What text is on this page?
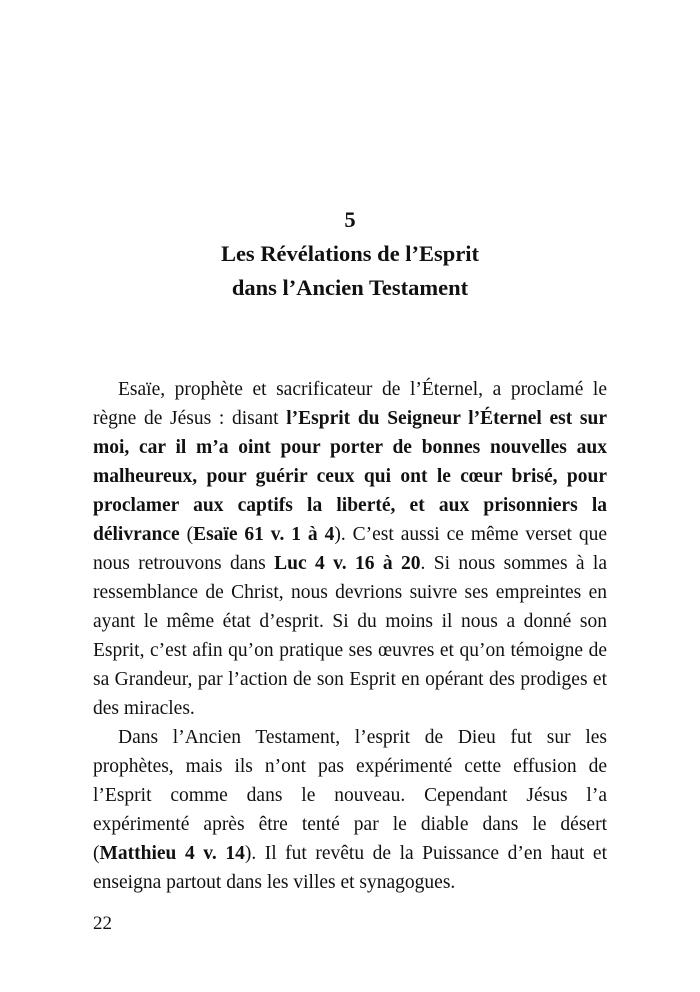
5
Les Révélations de l’Esprit
dans l’Ancien Testament

Esaïe, prophète et sacrificateur de l’Éternel, a proclamé le règne de Jésus : disant l’Esprit du Seigneur l’Éternel est sur moi, car il m’a oint pour porter de bonnes nouvelles aux malheureux, pour guérir ceux qui ont le cœur brisé, pour proclamer aux captifs la liberté, et aux prisonniers la délivrance (Esaïe 61 v. 1 à 4). C’est aussi ce même verset que nous retrouvons dans Luc 4 v. 16 à 20. Si nous sommes à la ressemblance de Christ, nous devrions suivre ses empreintes en ayant le même état d’esprit. Si du moins il nous a donné son Esprit, c’est afin qu’on pratique ses œuvres et qu’on témoigne de sa Grandeur, par l’action de son Esprit en opérant des prodiges et des miracles.

Dans l’Ancien Testament, l’esprit de Dieu fut sur les prophètes, mais ils n’ont pas expérimenté cette effusion de l’Esprit comme dans le nouveau. Cependant Jésus l’a expérimenté après être tenté par le diable dans le désert (Matthieu 4 v. 14). Il fut revêtu de la Puissance d’en haut et enseigna partout dans les villes et synagogues.

22
